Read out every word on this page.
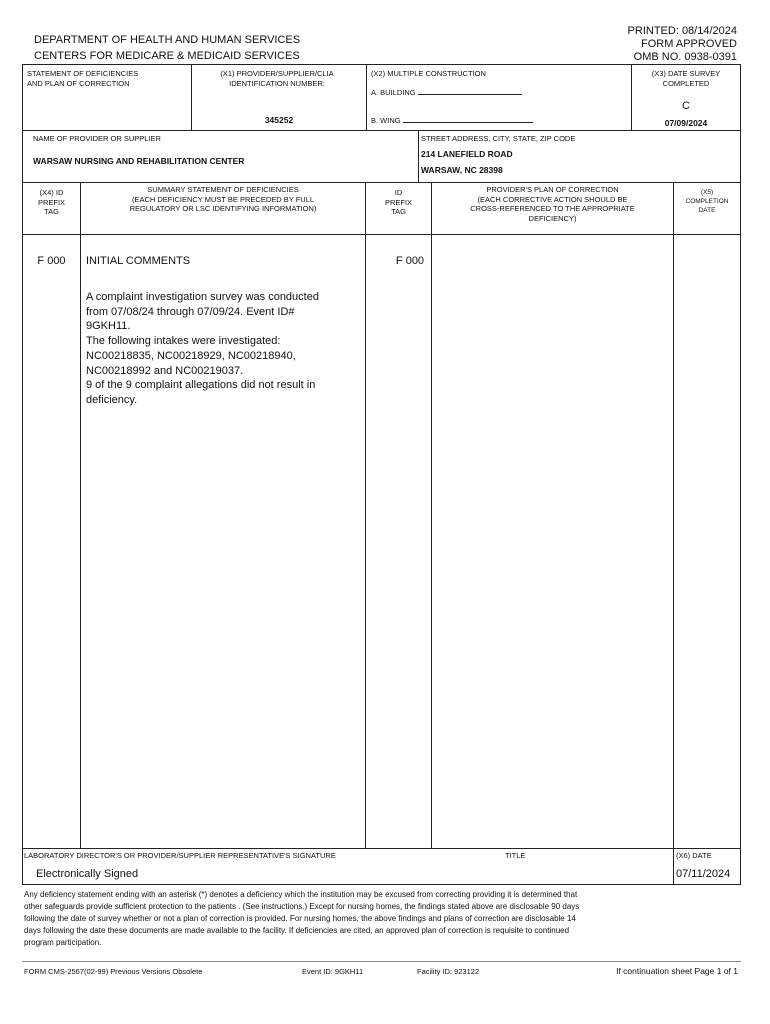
DEPARTMENT OF HEALTH AND HUMAN SERVICES
CENTERS FOR MEDICARE & MEDICAID SERVICES
PRINTED: 08/14/2024
FORM APPROVED
OMB NO. 0938-0391
STATEMENT OF DEFICIENCIES
AND PLAN OF CORRECTION
(X1) PROVIDER/SUPPLIER/CLIA
IDENTIFICATION NUMBER:
345252
(X2) MULTIPLE CONSTRUCTION
A. BUILDING
B. WING
(X3) DATE SURVEY
COMPLETED
C
07/09/2024
NAME OF PROVIDER OR SUPPLIER
WARSAW NURSING AND REHABILITATION CENTER
STREET ADDRESS, CITY, STATE, ZIP CODE
214 LANEFIELD ROAD
WARSAW, NC 28398
(X4) ID
PREFIX
TAG
SUMMARY STATEMENT OF DEFICIENCIES
(EACH DEFICIENCY MUST BE PRECEDED BY FULL
REGULATORY OR LSC IDENTIFYING INFORMATION)
ID
PREFIX
TAG
PROVIDER'S PLAN OF CORRECTION
(EACH CORRECTIVE ACTION SHOULD BE
CROSS-REFERENCED TO THE APPROPRIATE
DEFICIENCY)
(X5)
COMPLETION
DATE
F 000	INITIAL COMMENTS	F 000
A complaint investigation survey was conducted
from 07/08/24 through 07/09/24. Event ID#
9GKH11.
The following intakes were investigated:
NC00218835, NC00218929, NC00218940,
NC00218992 and NC00219037.
9 of the 9 complaint allegations did not result in
deficiency.
LABORATORY DIRECTOR'S OR PROVIDER/SUPPLIER REPRESENTATIVE'S SIGNATURE
Electronically Signed
TITLE	(X6) DATE
07/11/2024
Any deficiency statement ending with an asterisk (*) denotes a deficiency which the institution may be excused from correcting providing it is determined that
other safeguards provide sufficient protection to the patients . (See instructions.) Except for nursing homes, the findings stated above are disclosable 90 days
following the date of survey whether or not a plan of correction is provided. For nursing homes, the above findings and plans of correction are disclosable 14
days following the date these documents are made available to the facility. If deficiencies are cited, an approved plan of correction is requisite to continued
program participation.
FORM CMS-2567(02-99) Previous Versions Obsolete	Event ID: 9GKH11	Facility ID: 923122	If continuation sheet Page 1 of 1
